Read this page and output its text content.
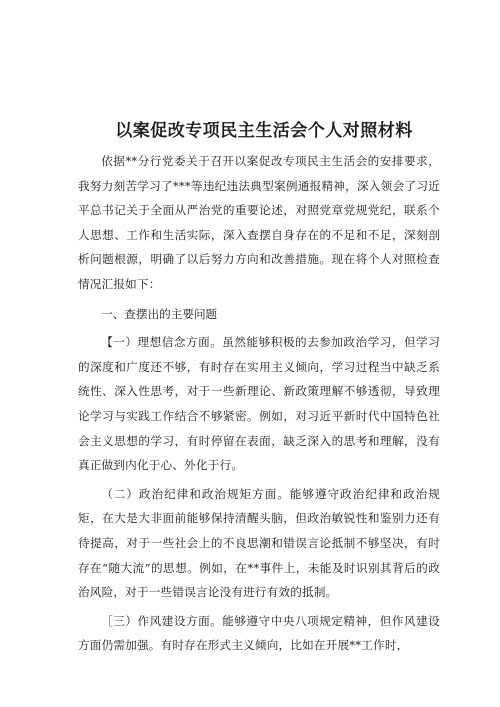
以案促改专项民主生活会个人对照材料

依据**分行党委关于召开以案促改专项民主生活会的安排要求，我努力刻苦学习了***等违纪违法典型案例通报精神，深入领会了习近平总书记关于全面从严治党的重要论述，对照党章党规党纪，联系个人思想、工作和生活实际，深入查摆自身存在的不足和不足，深刻剖析问题根源，明确了以后努力方向和改善措施。现在将个人对照检查情况汇报如下：

一、查摆出的主要问题

【一）理想信念方面。虽然能够积极的去参加政治学习，但学习的深度和广度还不够，有时存在实用主义倾向，学习过程当中缺乏系统性、深入性思考，对于一些新理论、新政策理解不够透彻，导致理论学习与实践工作结合不够紧密。例如，对习近平新时代中国特色社会主义思想的学习，有时停留在表面，缺乏深入的思考和理解，没有真正做到内化于心、外化于行。

（二）政治纪律和政治规矩方面。能够遵守政治纪律和政治规矩，在大是大非面前能够保持清醒头脑，但政治敏锐性和鉴别力还有待提高，对于一些社会上的不良思潮和错误言论抵制不够坚决，有时存在“随大流”的思想。例如，在**事件上，未能及时识别其背后的政治风险，对于一些错误言论没有进行有效的抵制。

［三）作风建设方面。能够遵守中央八项规定精神，但作风建设方面仍需加强。有时存在形式主义倾向，比如在开展**工作时，
